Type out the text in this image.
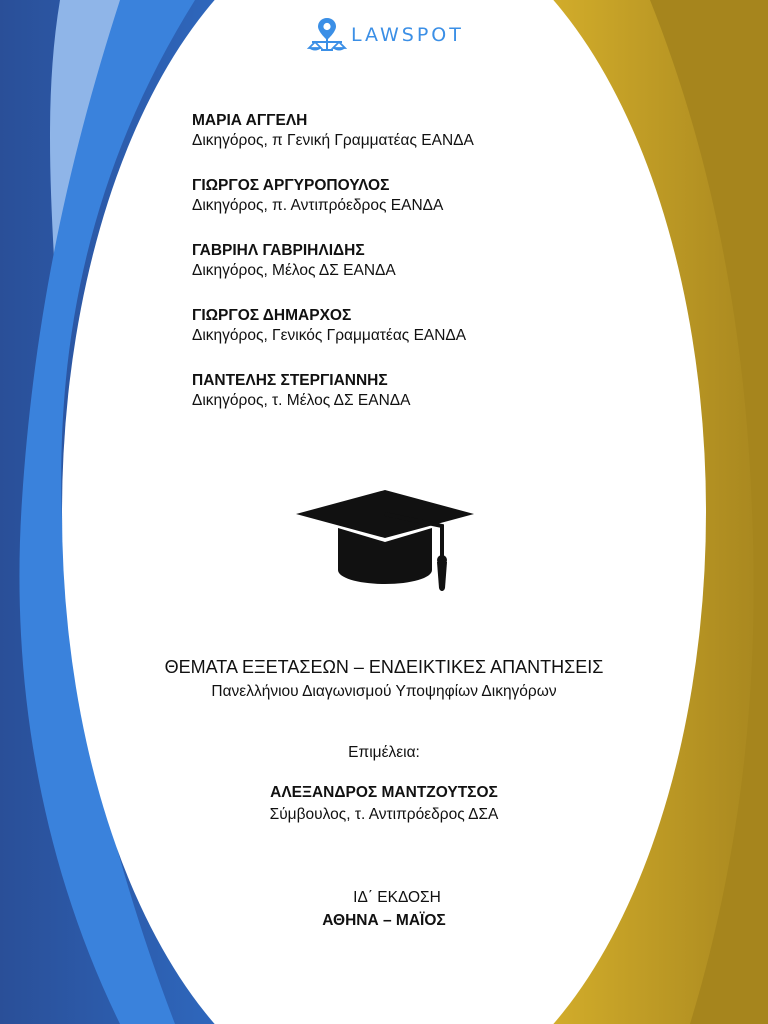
LAWSPOT
ΜΑΡΙΑ ΑΓΓΕΛΗ
Δικηγόρος, π Γενική Γραμματέας ΕΑΝΔΑ
ΓΙΩΡΓΟΣ ΑΡΓΥΡΟΠΟΥΛΟΣ
Δικηγόρος, π. Αντιπρόεδρος ΕΑΝΔΑ
ΓΑΒΡΙΗΛ ΓΑΒΡΙΗΛΙΔΗΣ
Δικηγόρος, Μέλος ΔΣ ΕΑΝΔΑ
ΓΙΩΡΓΟΣ ΔΗΜΑΡΧΟΣ
Δικηγόρος, Γενικός Γραμματέας ΕΑΝΔΑ
ΠΑΝΤΕΛΗΣ ΣΤΕΡΓΙΑΝΝΗΣ
Δικηγόρος, τ. Μέλος ΔΣ ΕΑΝΔΑ
ΘΕΜΑΤΑ ΕΞΕΤΑΣΕΩΝ – ΕΝΔΕΙΚΤΙΚΕΣ ΑΠΑΝΤΗΣΕΙΣ
Πανελλήνιου Διαγωνισμού Υποψηφίων Δικηγόρων
Επιμέλεια:
ΑΛΕΞΑΝΔΡΟΣ ΜΑΝΤΖΟΥΤΣΟΣ
Σύμβουλος, τ. Αντιπρόεδρος ΔΣΑ
ΙΔ΄ ΕΚΔΟΣΗ
ΑΘΗΝΑ – ΜΑΪΟΣ
